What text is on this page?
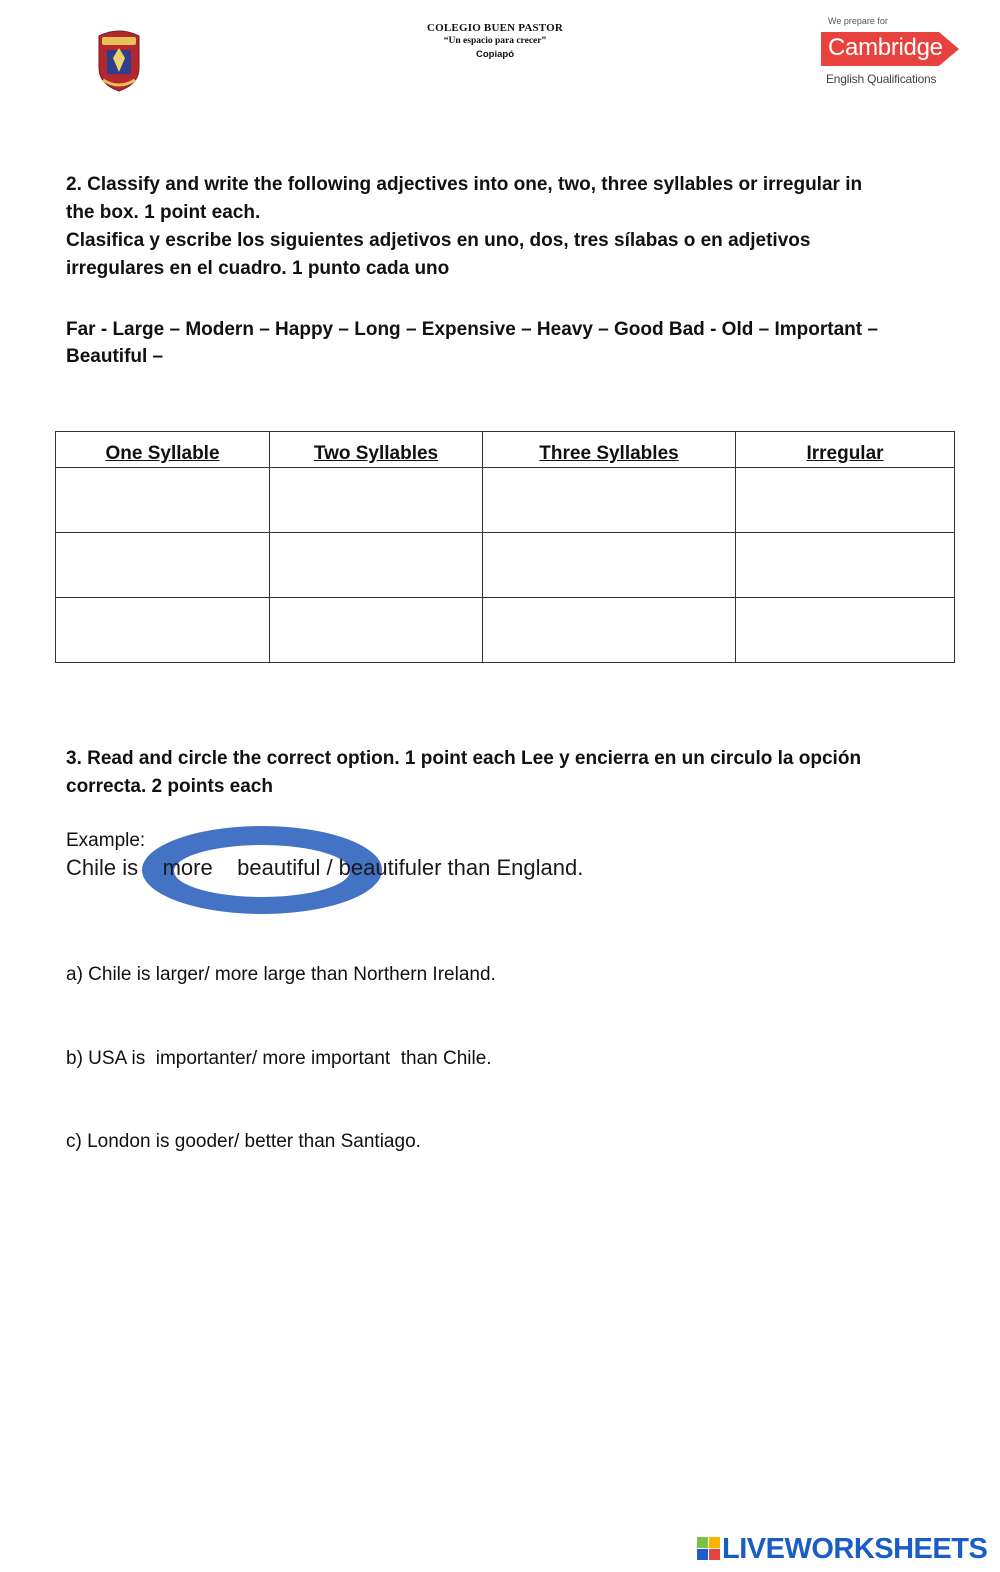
COLEGIO BUEN PASTOR
“Un espacio para crecer”
Copiapó
We prepare for
Cambridge
English Qualifications
2. Classify and write the following adjectives into one, two, three syllables or irregular in
the box. 1 point each.
Clasifica y escribe los siguientes adjetivos en uno, dos, tres sílabas o en adjetivos
irregulares en el cuadro. 1 punto cada uno
Far - Large – Modern – Happy – Long – Expensive – Heavy – Good Bad - Old – Important –
Beautiful –
One Syllable	Two Syllables	Three Syllables	Irregular

3. Read and circle the correct option. 1 point each Lee y encierra en un circulo la opción
correcta. 2 points each
Example:
Chile is    more    beautiful / beautifuler than England.
a) Chile is larger/ more large than Northern Ireland.
b) USA is  importanter/ more important  than Chile.
c) London is gooder/ better than Santiago.
LIVEWORKSHEETS
